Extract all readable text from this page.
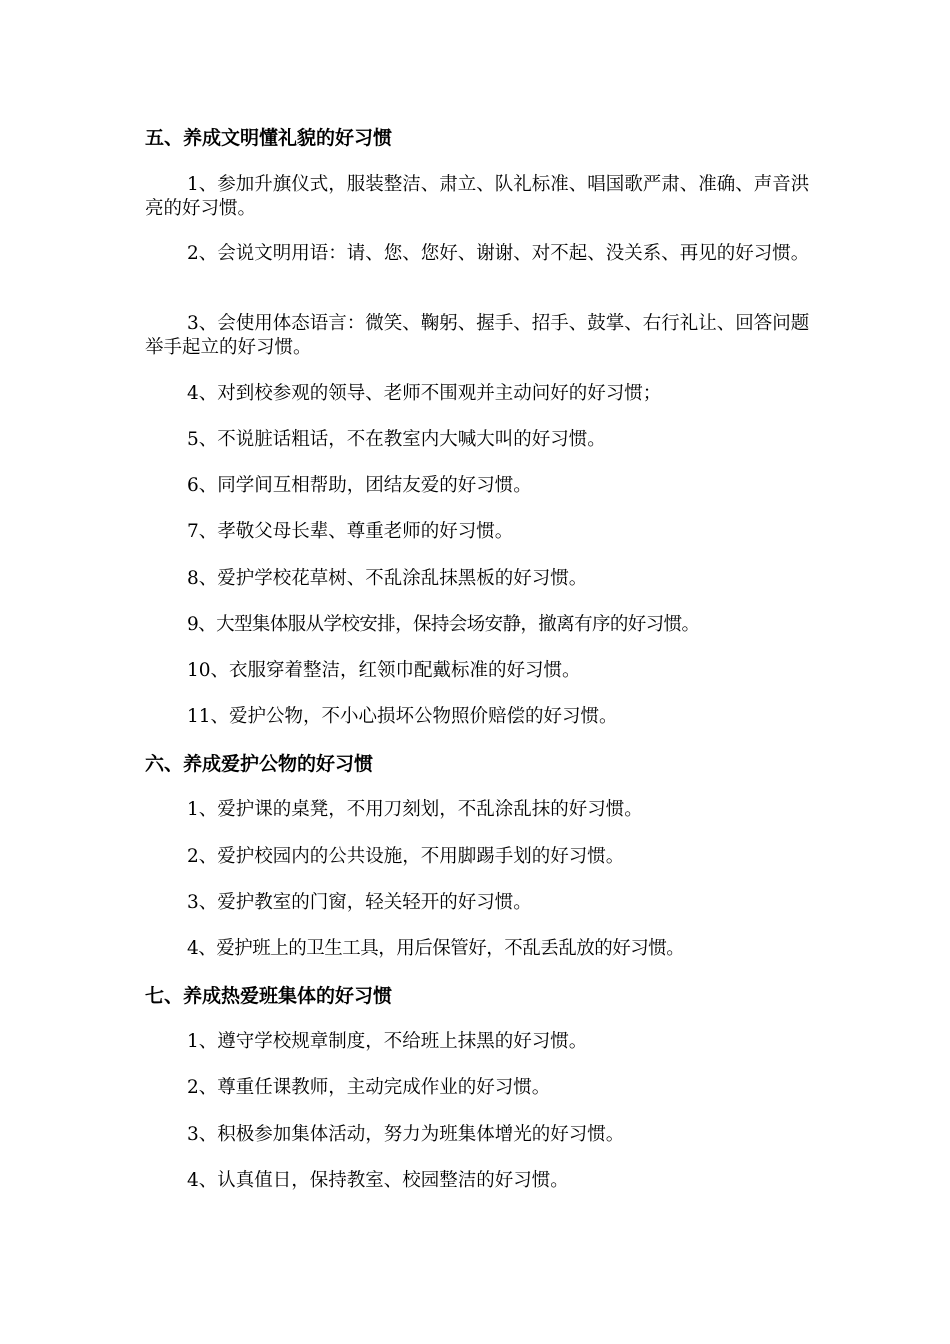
五、养成文明懂礼貌的好习惯

1、参加升旗仪式，服装整洁、肃立、队礼标准、唱国歌严肃、准确、声音洪亮的好习惯。

2、会说文明用语：请、您、您好、谢谢、对不起、没关系、再见的好习惯。

3、会使用体态语言：微笑、鞠躬、握手、招手、鼓掌、右行礼让、回答问题举手起立的好习惯。

4、对到校参观的领导、老师不围观并主动问好的好习惯；

5、不说脏话粗话，不在教室内大喊大叫的好习惯。

6、同学间互相帮助，团结友爱的好习惯。

7、孝敬父母长辈、尊重老师的好习惯。

8、爱护学校花草树、不乱涂乱抹黑板的好习惯。

9、大型集体服从学校安排，保持会场安静，撤离有序的好习惯。

10、衣服穿着整洁，红领巾配戴标准的好习惯。

11、爱护公物，不小心损坏公物照价赔偿的好习惯。

六、养成爱护公物的好习惯

1、爱护课的桌凳，不用刀刻划，不乱涂乱抹的好习惯。

2、爱护校园内的公共设施，不用脚踢手划的好习惯。

3、爱护教室的门窗，轻关轻开的好习惯。

4、爱护班上的卫生工具，用后保管好，不乱丢乱放的好习惯。

七、养成热爱班集体的好习惯

1、遵守学校规章制度，不给班上抹黑的好习惯。

2、尊重任课教师，主动完成作业的好习惯。

3、积极参加集体活动，努力为班集体增光的好习惯。

4、认真值日，保持教室、校园整洁的好习惯。
